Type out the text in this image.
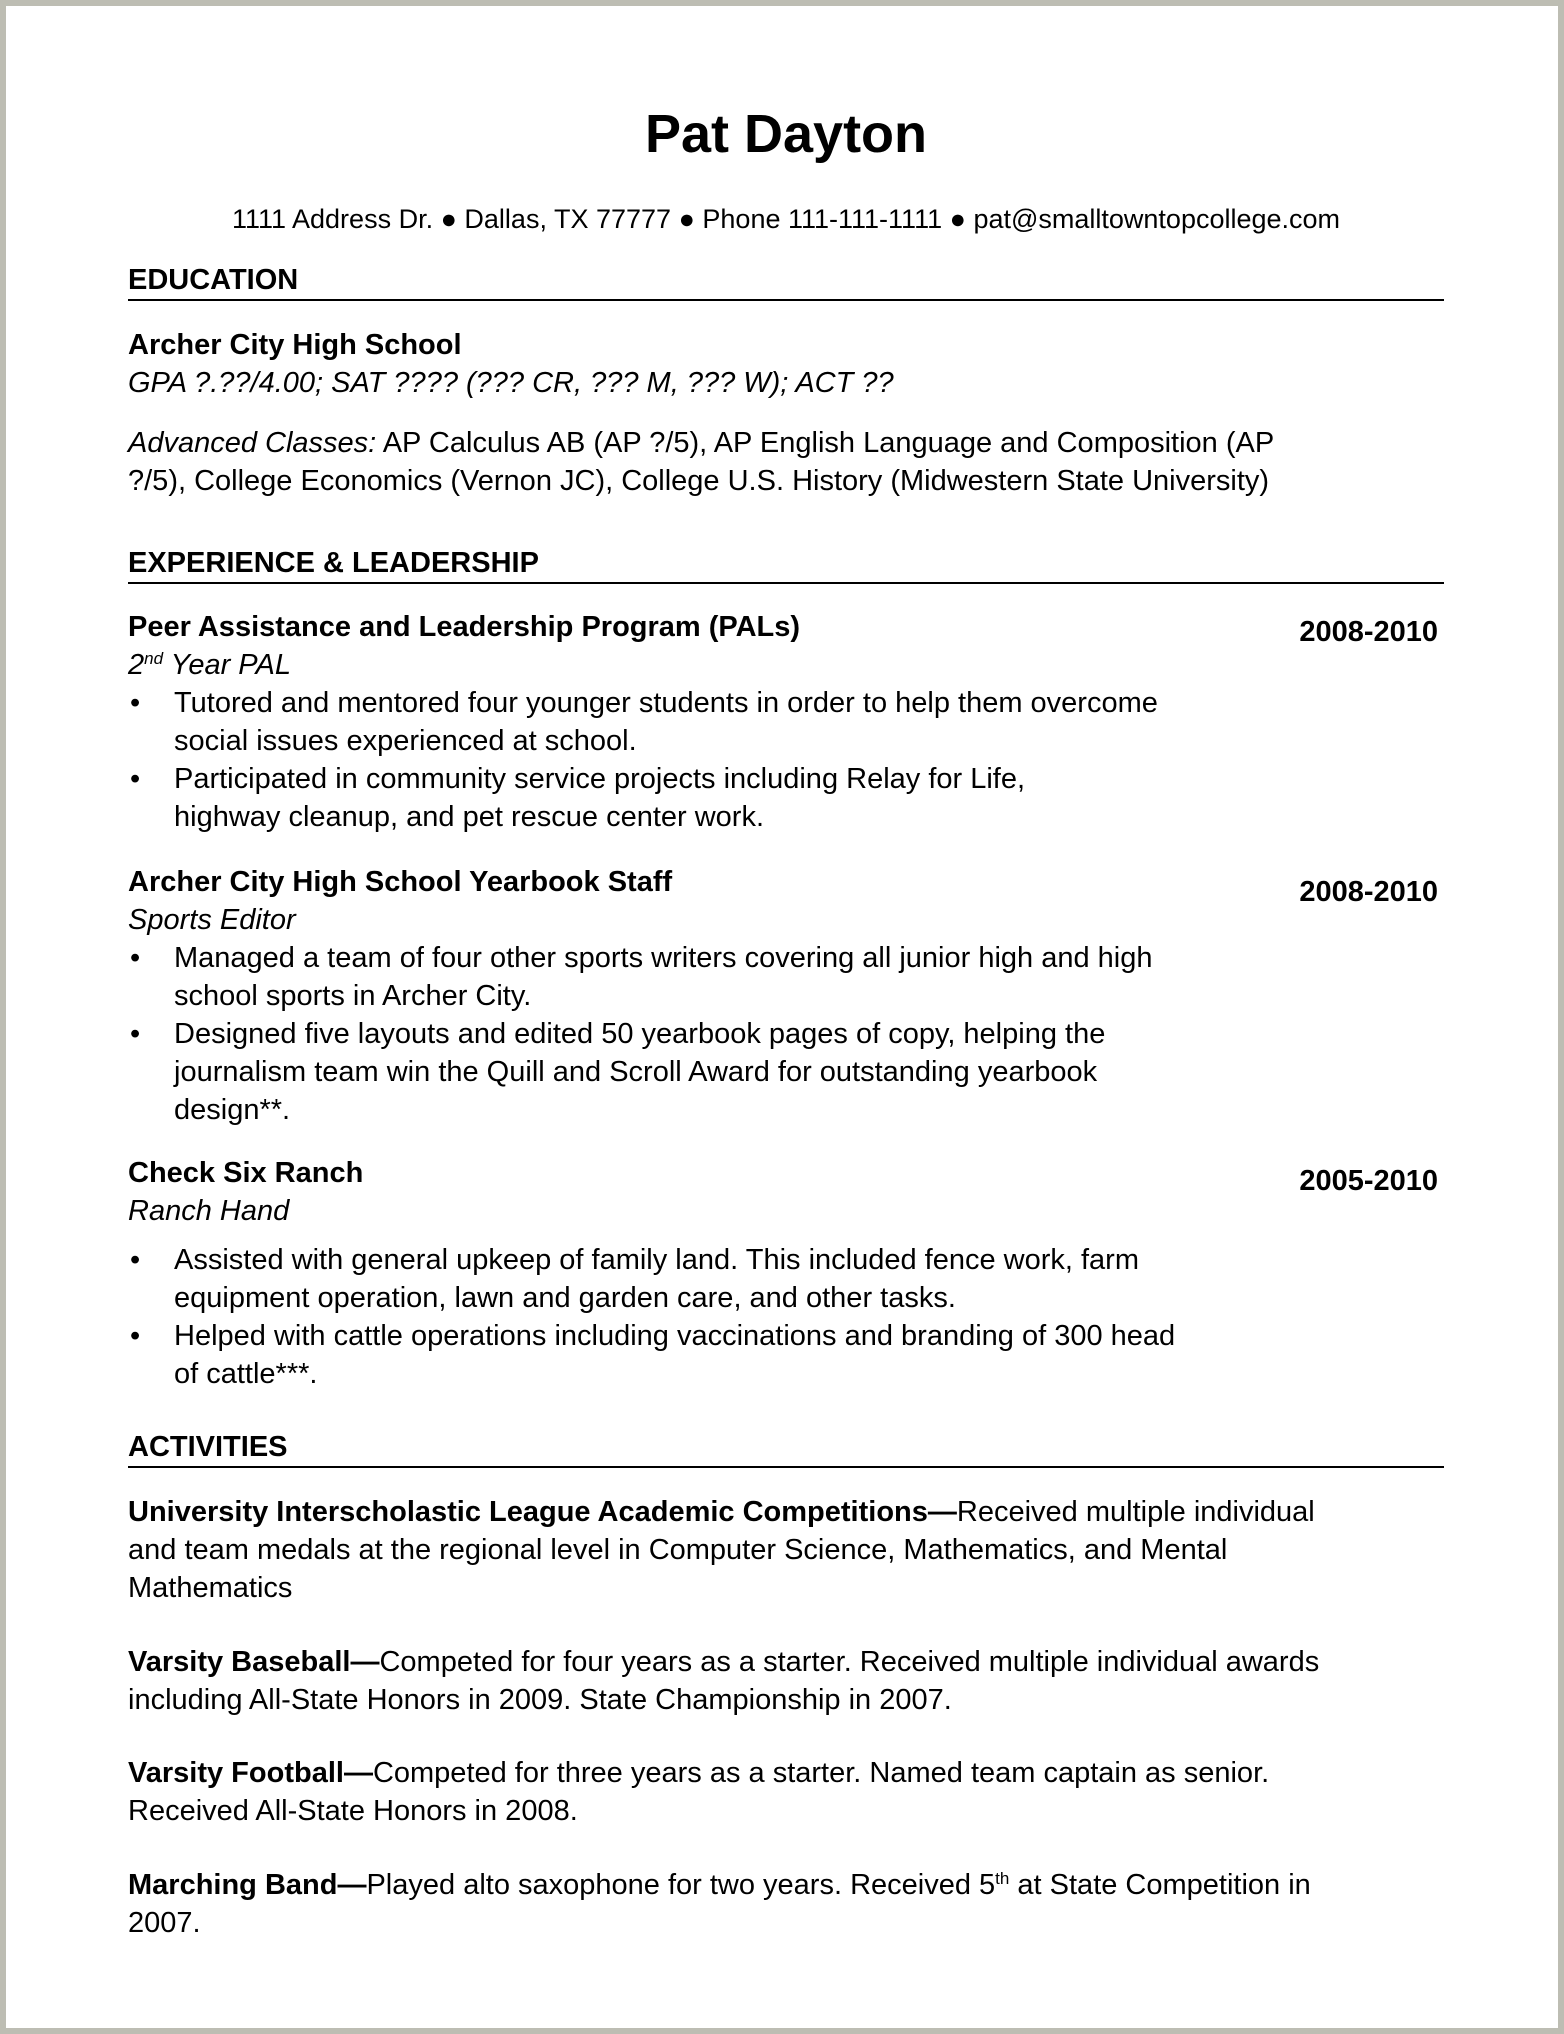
Pat Dayton
1111 Address Dr. ● Dallas, TX 77777 ● Phone 111-111-1111 ● pat@smalltowntopcollege.com
EDUCATION

Archer City High School

GPA ?.??/4.00; SAT ???? (??? CR, ??? M, ??? W); ACT ??

Advanced Classes: AP Calculus AB (AP ?/5), AP English Language and Composition (AP
?/5), College Economics (Vernon JC), College U.S. History (Midwestern State University)

EXPERIENCE & LEADERSHIP
Peer Assistance and Leadership Program (PALs)	2008-2010

2nd Year PAL

• Tutored and mentored four younger students in order to help them overcome
social issues experienced at school.
• Participated in community service projects including Relay for Life,
highway cleanup, and pet rescue center work.
Archer City High School Yearbook Staff	2008-2010

Sports Editor

• Managed a team of four other sports writers covering all junior high and high
school sports in Archer City.
• Designed five layouts and edited 50 yearbook pages of copy, helping the
journalism team win the Quill and Scroll Award for outstanding yearbook
design**.
Check Six Ranch	2005-2010

Ranch Hand

• Assisted with general upkeep of family land. This included fence work, farm
equipment operation, lawn and garden care, and other tasks.
• Helped with cattle operations including vaccinations and branding of 300 head
of cattle***.
ACTIVITIES

University Interscholastic League Academic Competitions—Received multiple individual
and team medals at the regional level in Computer Science, Mathematics, and Mental
Mathematics

Varsity Baseball—Competed for four years as a starter. Received multiple individual awards
including All-State Honors in 2009. State Championship in 2007.

Varsity Football—Competed for three years as a starter. Named team captain as senior.
Received All-State Honors in 2008.

Marching Band—Played alto saxophone for two years. Received 5th at State Competition in
2007.
